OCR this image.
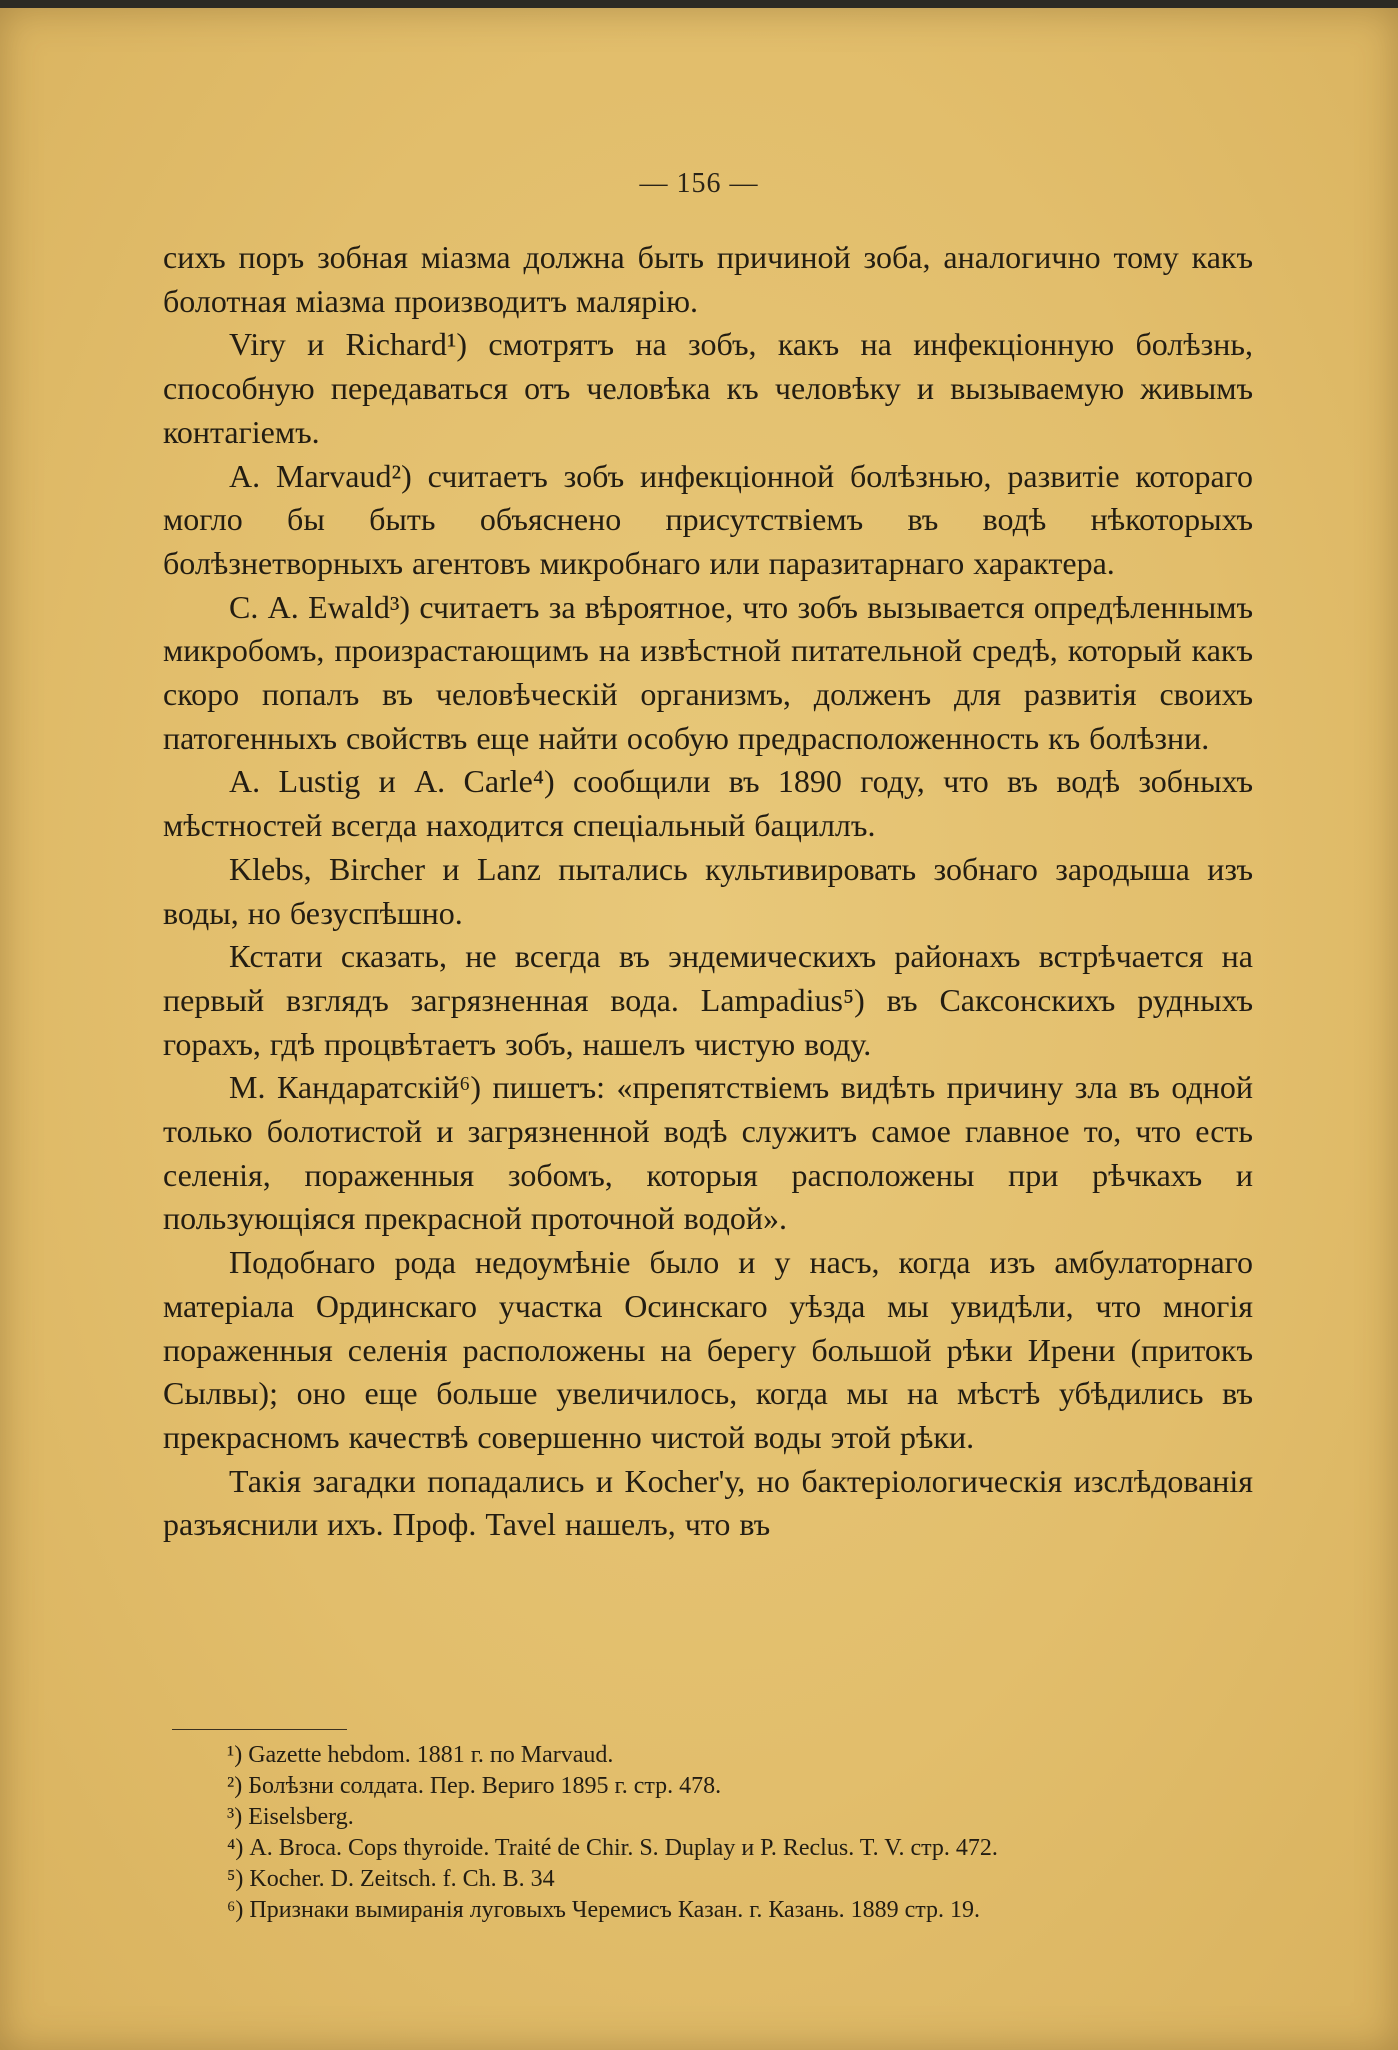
— 156 —

сихъ поръ зобная міазма должна быть причиной зоба, аналогично тому какъ болотная міазма производитъ малярію.

Viry и Richard¹) смотрятъ на зобъ, какъ на инфекціонную болѣзнь, способную передаваться отъ человѣка къ человѣку и вызываемую живымъ контагіемъ.

А. Marvaud²) считаетъ зобъ инфекціонной болѣзнью, развитіе котораго могло бы быть объяснено присутствіемъ въ водѣ нѣкоторыхъ болѣзнетворныхъ агентовъ микробнаго или паразитарнаго характера.

С. А. Ewald³) считаетъ за вѣроятное, что зобъ вызывается опредѣленнымъ микробомъ, произрастающимъ на извѣстной питательной средѣ, который какъ скоро попалъ въ человѣческій организмъ, долженъ для развитія своихъ патогенныхъ свойствъ еще найти особую предрасположенность къ болѣзни.

А. Lustig и А. Carle⁴) сообщили въ 1890 году, что въ водѣ зобныхъ мѣстностей всегда находится спеціальный бациллъ.

Klebs, Bircher и Lanz пытались культивировать зобнаго зародыша изъ воды, но безуспѣшно.

Кстати сказать, не всегда въ эндемическихъ районахъ встрѣчается на первый взглядъ загрязненная вода. Lampadius⁵) въ Саксонскихъ рудныхъ горахъ, гдѣ процвѣтаетъ зобъ, нашелъ чистую воду.

М. Кандаратскій⁶) пишетъ: «препятствіемъ видѣть причину зла въ одной только болотистой и загрязненной водѣ служитъ самое главное то, что есть селенія, пораженныя зобомъ, которыя расположены при рѣчкахъ и пользующіяся прекрасной проточной водой».

Подобнаго рода недоумѣніе было и у насъ, когда изъ амбулаторнаго матеріала Ординскаго участка Осинскаго уѣзда мы увидѣли, что многія пораженныя селенія расположены на берегу большой рѣки Ирени (притокъ Сылвы); оно еще больше увеличилось, когда мы на мѣстѣ убѣдились въ прекрасномъ качествѣ совершенно чистой воды этой рѣки.

Такія загадки попадались и Kocher'у, но бактеріологическія изслѣдованія разъяснили ихъ. Проф. Tavel нашелъ, что въ

¹) Gazette hebdom. 1881 г. по Marvaud.

²) Болѣзни солдата. Пер. Вериго 1895 г. стр. 478.

³) Eiselsberg.

⁴) А. Broca. Cops thyroide. Traité de Chir. S. Duplay и P. Reclus. T. V. стр. 472.

⁵) Kocher. D. Zeitsch. f. Ch. B. 34

⁶) Признаки вымиранія луговыхъ Черемисъ Казан. г. Казань. 1889 стр. 19.
